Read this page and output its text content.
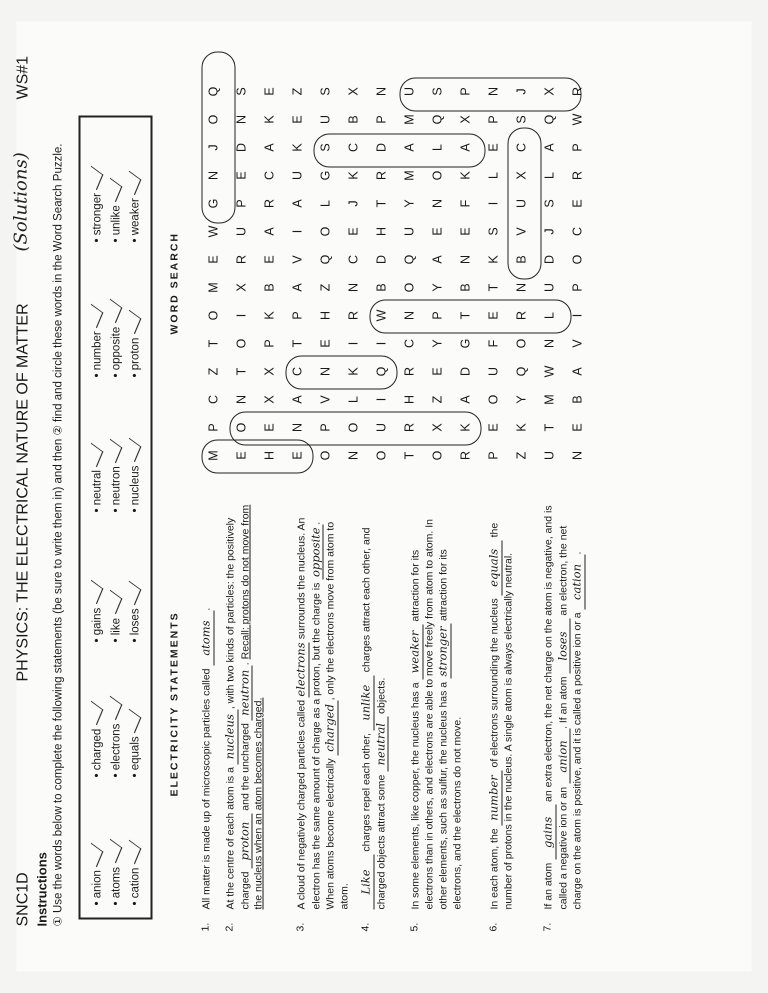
SNC1D
PHYSICS: THE ELECTRICAL NATURE OF MATTER
(Solutions)
WS#1
Instructions ① Use the words below to complete the following statements (be sure to write them in) and then ② find and circle these words in the Word Search Puzzle.	• anion
• atoms
• cation
• charged
• electrons
• equals
• gains
• like
• loses
• neutral
• neutron
• nucleus
• number
• opposite
• proton
• stronger
• unlike
• weaker
ELECTRICITY STATEMENTS
WORD SEARCH
1.
All matter is made up of microscopic particles called atoms.
2.
At the centre of each atom is a nucleus, with two kinds of particles: the positively charged proton and the uncharged neutron. Recall: protons do not move from the nucleus when an atom becomes charged.
3.
A cloud of negatively charged particles called electrons surrounds the nucleus. An electron has the same amount of charge as a proton, but the charge is opposite. When atoms become electrically charged, only the electrons move from atom to atom.
4.
Like charges repel each other, unlike charges attract each other, and charged objects attract some neutral objects.
5.
In some elements, like copper, the nucleus has a weaker attraction for its electrons than in others, and electrons are able to move freely from atom to atom. In other elements, such as sulfur, the nucleus has a stronger attraction for its electrons, and the electrons do not move.
6.
In each atom, the number of electrons surrounding the nucleus equals the number of protons in the nucleus. A single atom is always electrically neutral.
7.
If an atom gains an extra electron, the net charge on the atom is negative, and is called a negative ion or an anion. If an atom loses an electron, the net charge on the atom is positive, and it is called a positive ion or a cation.
M
P
C
Z
T
O
M
E
W
G
N
J
O
Q
E
O
N
T
O
I
X
R
U
P
E
D
N
S
H
E
X
X
P
K
B
E
A
R
C
A
K
E
E
N
A
C
T
P
A
V
I
A
U
K
E
Z
O
P
V
N
E
H
Z
Q
O
L
G
S
U
S
N
O
L
K
I
R
N
C
E
J
K
C
B
X
O
U
I
Q
I
W
B
D
H
T
R
D
P
N
T
R
H
R
C
N
O
Q
U
Y
M
A
M
U
O
X
Z
E
Y
P
Y
A
E
N
O
L
Q
S
R
K
A
D
G
T
B
N
E
F
K
A
X
P
P
E
O
U
F
E
T
K
S
I
L
E
P
N
Z
K
Y
Q
O
R
N
B
V
U
X
C
S
J
U
T
M
W
N
L
U
D
J
S
L
A
Q
X
N
E
B
A
V
I
P
O
C
E
R
P
W
R
